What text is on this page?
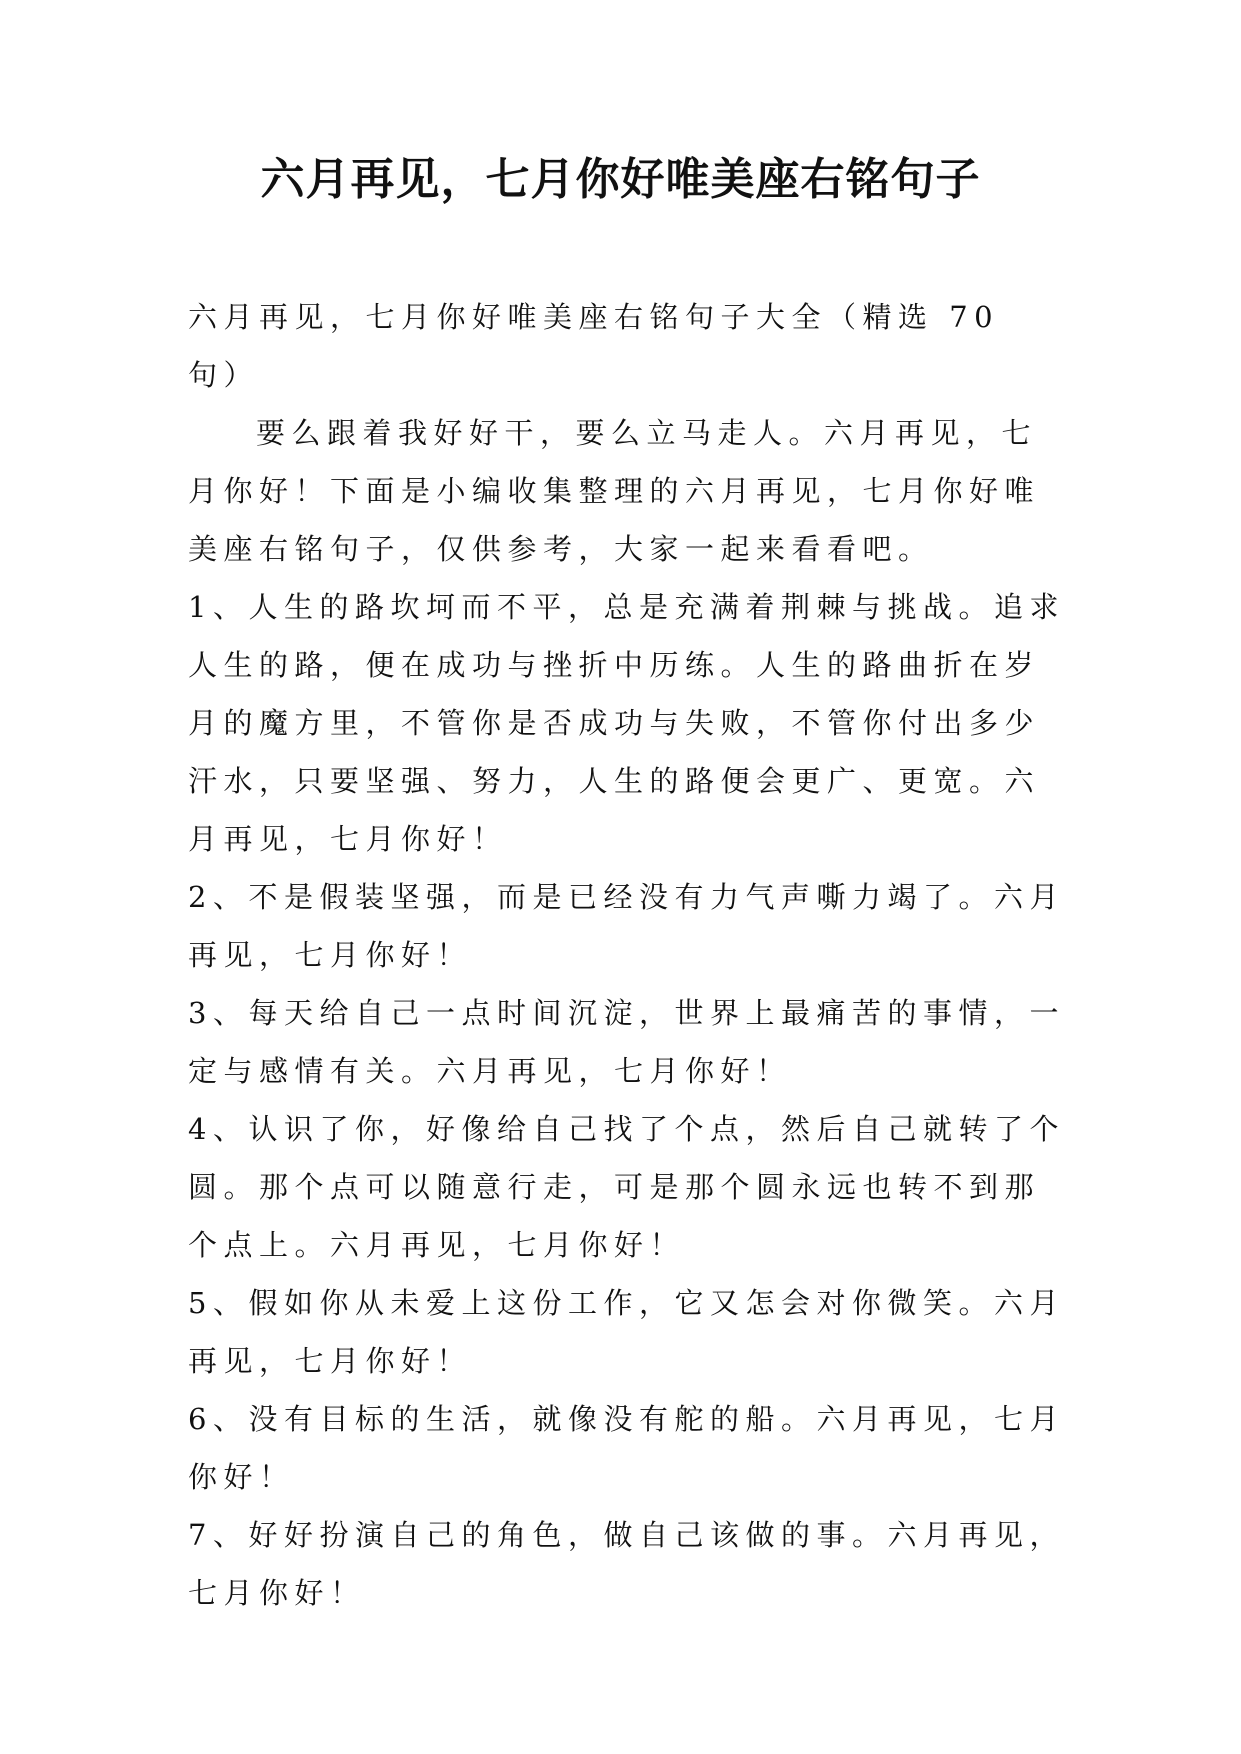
六月再见，七月你好唯美座右铭句子

六月再见，七月你好唯美座右铭句子大全（精选 70 句）

要么跟着我好好干，要么立马走人。六月再见，七月你好！下面是小编收集整理的六月再见，七月你好唯美座右铭句子，仅供参考，大家一起来看看吧。

1、人生的路坎坷而不平，总是充满着荆棘与挑战。追求人生的路，便在成功与挫折中历练。人生的路曲折在岁月的魔方里，不管你是否成功与失败，不管你付出多少汗水，只要坚强、努力，人生的路便会更广、更宽。六月再见，七月你好！

2、不是假装坚强，而是已经没有力气声嘶力竭了。六月再见，七月你好！

3、每天给自己一点时间沉淀，世界上最痛苦的事情，一定与感情有关。六月再见，七月你好！

4、认识了你，好像给自己找了个点，然后自己就转了个圆。那个点可以随意行走，可是那个圆永远也转不到那个点上。六月再见，七月你好！

5、假如你从未爱上这份工作，它又怎会对你微笑。六月再见，七月你好！

6、没有目标的生活，就像没有舵的船。六月再见，七月你好！

7、好好扮演自己的角色，做自己该做的事。六月再见，七月你好！
